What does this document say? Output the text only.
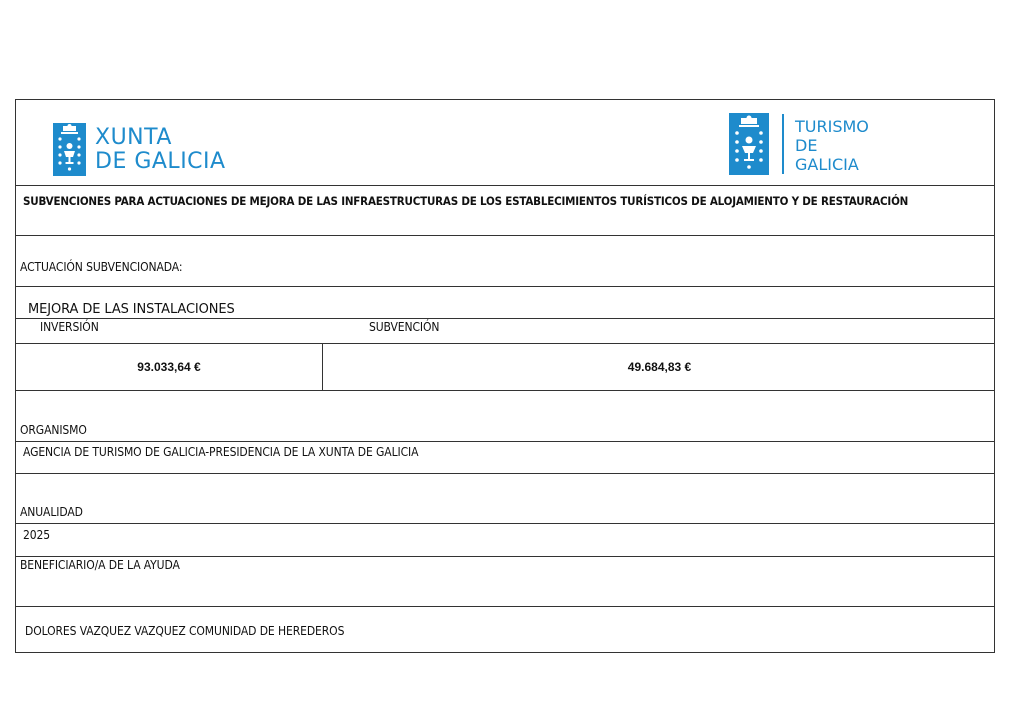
XUNTA
DE GALICIA
TURISMO
DE
GALICIA
SUBVENCIONES PARA ACTUACIONES DE MEJORA DE LAS INFRAESTRUCTURAS DE LOS ESTABLECIMIENTOS TURÍSTICOS DE ALOJAMIENTO Y DE RESTAURACIÓN
ACTUACIÓN SUBVENCIONADA:
MEJORA DE LAS INSTALACIONES
INVERSIÓN	SUBVENCIÓN
93.033,64 €	49.684,83 €
ORGANISMO
AGENCIA DE TURISMO DE GALICIA-PRESIDENCIA DE LA XUNTA DE GALICIA
ANUALIDAD
2025
BENEFICIARIO/A DE LA AYUDA
DOLORES VAZQUEZ VAZQUEZ COMUNIDAD DE HEREDEROS
